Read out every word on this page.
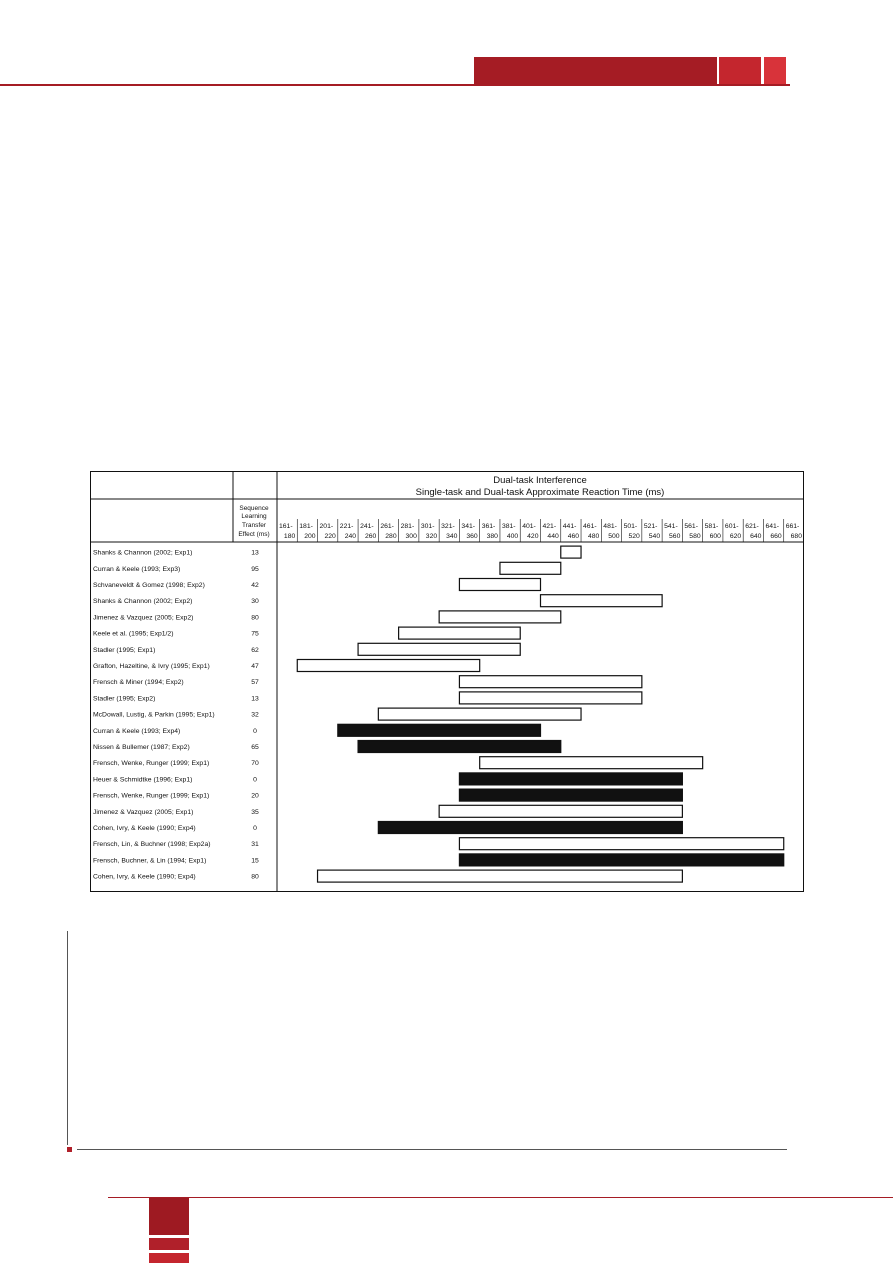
Dual-task Interference
Single-task and Dual-task Approximate Reaction Time (ms)
Sequence
Learning
Transfer
Effect (ms)
161-
180
181-
200
201-
220
221-
240
241-
260
261-
280
281-
300
301-
320
321-
340
341-
360
361-
380
381-
400
401-
420
421-
440
441-
460
461-
480
481-
500
501-
520
521-
540
541-
560
561-
580
581-
600
601-
620
621-
640
641-
660
661-
680
Shanks & Channon (2002; Exp1)	13
Curran & Keele (1993; Exp3)	95
Schvaneveldt & Gomez (1998; Exp2)	42
Shanks & Channon (2002; Exp2)	30
Jimenez & Vazquez (2005; Exp2)	80
Keele et al. (1995; Exp1/2)	75
Stadler (1995; Exp1)	62
Grafton, Hazeltine, & Ivry (1995; Exp1)	47
Frensch & Miner (1994; Exp2)	57
Stadler (1995; Exp2)	13
McDowall, Lustig, & Parkin (1995; Exp1)	32
Curran & Keele (1993; Exp4)	0
Nissen & Bullemer (1987; Exp2)	65
Frensch, Wenke, Runger (1999; Exp1)	70
Heuer & Schmidtke (1996; Exp1)	0
Frensch, Wenke, Runger (1999; Exp1)	20
Jimenez & Vazquez (2005; Exp1)	35
Cohen, Ivry, & Keele (1990; Exp4)	0
Frensch, Lin, & Buchner (1998; Exp2a)	31
Frensch, Buchner, & Lin (1994; Exp1)	15
Cohen, Ivry, & Keele (1990; Exp4)	80
